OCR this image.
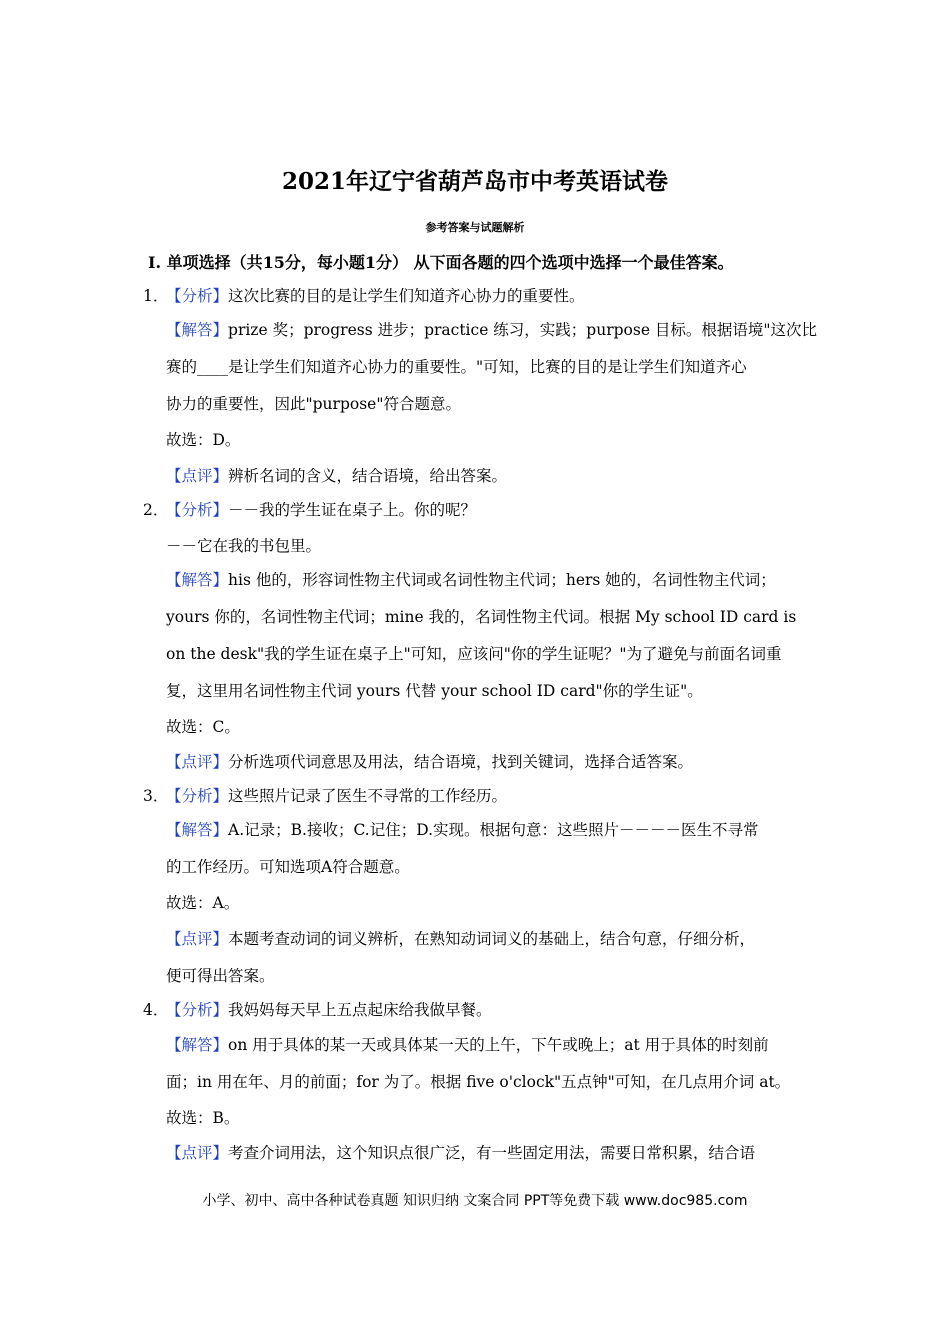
2021年辽宁省葫芦岛市中考英语试卷
参考答案与试题解析
Ⅰ. 单项选择（共15分，每小题1分） 从下面各题的四个选项中选择一个最佳答案。
1．
【分析】这次比赛的目的是让学生们知道齐心协力的重要性。
【解答】prize 奖；progress 进步；practice 练习，实践；purpose 目标。根据语境"这次比
赛的____是让学生们知道齐心协力的重要性。"可知，比赛的目的是让学生们知道齐心
协力的重要性，因此"purpose"符合题意。
故选：D。
【点评】辨析名词的含义，结合语境，给出答案。
2．
【分析】－－我的学生证在桌子上。你的呢？
－－它在我的书包里。
【解答】his 他的，形容词性物主代词或名词性物主代词；hers 她的，名词性物主代词；
yours 你的，名词性物主代词；mine 我的，名词性物主代词。根据 My school ID card is
on the desk"我的学生证在桌子上"可知，应该问"你的学生证呢？"为了避免与前面名词重
复，这里用名词性物主代词 yours 代替 your school ID card"你的学生证"。
故选：C。
【点评】分析选项代词意思及用法，结合语境，找到关键词，选择合适答案。
3．
【分析】这些照片记录了医生不寻常的工作经历。
【解答】A.记录；B.接收；C.记住；D.实现。根据句意：这些照片－－－－医生不寻常
的工作经历。可知选项A符合题意。
故选：A。
【点评】本题考查动词的词义辨析，在熟知动词词义的基础上，结合句意，仔细分析，
便可得出答案。
4．
【分析】我妈妈每天早上五点起床给我做早餐。
【解答】on 用于具体的某一天或具体某一天的上午，下午或晚上；at 用于具体的时刻前
面；in 用在年、月的前面；for 为了。根据 five o'clock"五点钟"可知，在几点用介词 at。
故选：B。
【点评】考查介词用法，这个知识点很广泛，有一些固定用法，需要日常积累，结合语
小学、初中、高中各种试卷真题 知识归纳 文案合同 PPT等免费下载 www.doc985.com
